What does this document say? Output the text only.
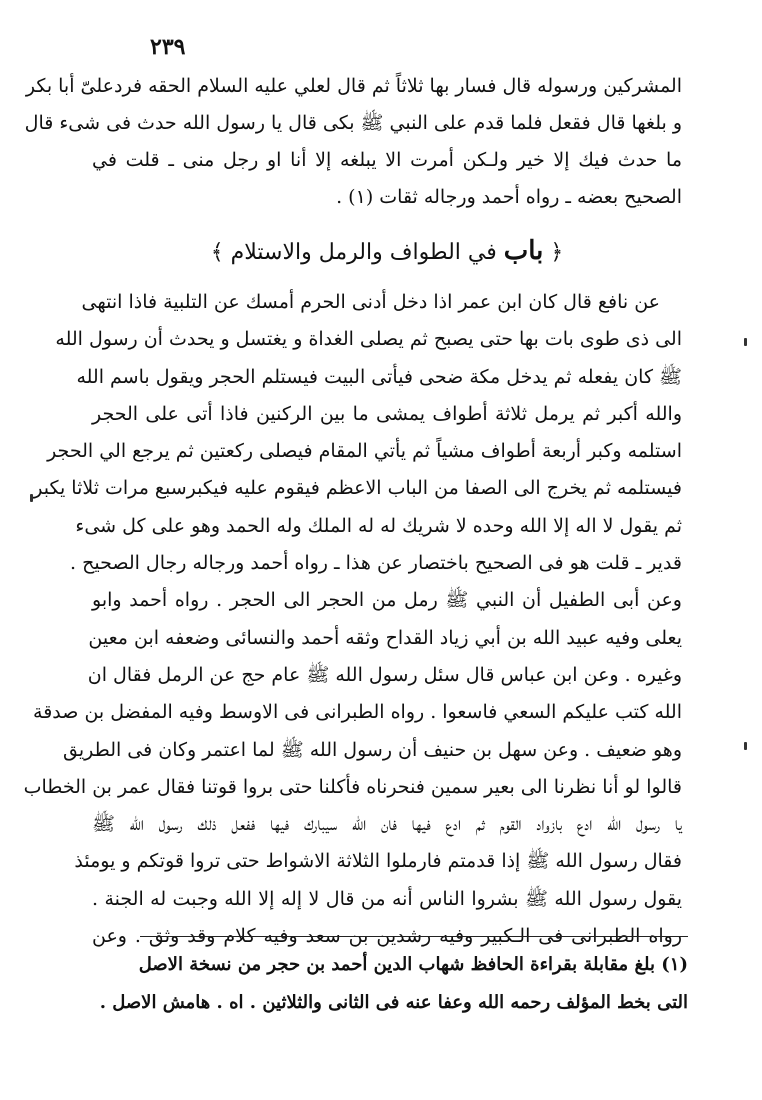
٢٣٩
المشركين ورسوله قال فسار بها ثلاثاً ثم قال لعلي عليه السلام الحقه فردعلىّ أبا بكر
و بلغها قال فقعل فلما قدم على النبي ﷺ بكى قال يا رسول الله حدث فى شىء قال
ما حدث فيك إلا خير ولـكن أمرت الا يبلغه إلا أنا او رجل منى ـ قلت في
الصحيح بعضه ـ رواه أحمد ورجاله ثقات (١) .
﴿ باب في الطواف والرمل والاستلام ﴾
عن نافع قال كان ابن عمر اذا دخل أدنى الحرم أمسك عن التلبية فاذا انتهى
الى ذى طوى بات بها حتى يصبح ثم يصلى الغداة و يغتسل و يحدث أن رسول الله
ﷺ كان يفعله ثم يدخل مكة ضحى فيأتى البيت فيستلم الحجر ويقول باسم الله
والله أكبر ثم يرمل ثلاثة أطواف يمشى ما بين الركنين فاذا أتى على الحجر
استلمه وكبر أربعة أطواف مشياً ثم يأتي المقام فيصلى ركعتين ثم يرجع الي الحجر
فيستلمه ثم يخرج الى الصفا من الباب الاعظم فيقوم عليه فيكبرسبع مرات ثلاثا يكبر
ثم يقول لا اله إلا الله وحده لا شريك له له الملك وله الحمد وهو على كل شىء
قدير ـ قلت هو فى الصحيح باختصار عن هذا ـ رواه أحمد ورجاله رجال الصحيح .
وعن أبى الطفيل أن النبي ﷺ رمل من الحجر الى الحجر . رواه أحمد وابو
يعلى وفيه عبيد الله بن أبي زياد القداح وثقه أحمد والنسائى وضعفه ابن معين
وغيره . وعن ابن عباس قال سئل رسول الله ﷺ عام حج عن الرمل فقال ان
الله كتب عليكم السعي فاسعوا . رواه الطبرانى فى الاوسط وفيه المفضل بن صدقة
وهو ضعيف . وعن سهل بن حنيف أن رسول الله ﷺ لما اعتمر وكان فى الطريق
قالوا لو أنا نظرنا الى بعير سمين فنحرناه فأكلنا حتى بروا قوتنا فقال عمر بن الخطاب
يا رسول الله ادع بازواد القوم ثم ادع فيها فان الله سيبارك فيها ففعل ذلك رسول الله ﷺ
فقال رسول الله ﷺ إذا قدمتم فارملوا الثلاثة الاشواط حتى تروا قوتكم و يومئذ
يقول رسول الله ﷺ بشروا الناس أنه من قال لا إله إلا الله وجبت له الجنة .
رواه الطبرانى فى الـكبير وفيه رشدين بن سعد وفيه كلام وقد وثق . وعن
(١) بلغ مقابلة بقراءة الحافظ شهاب الدين أحمد بن حجر من نسخة الاصل
التى بخط المؤلف رحمه الله وعفا عنه فى الثانى والثلاثين . اه . هامش الاصل .
